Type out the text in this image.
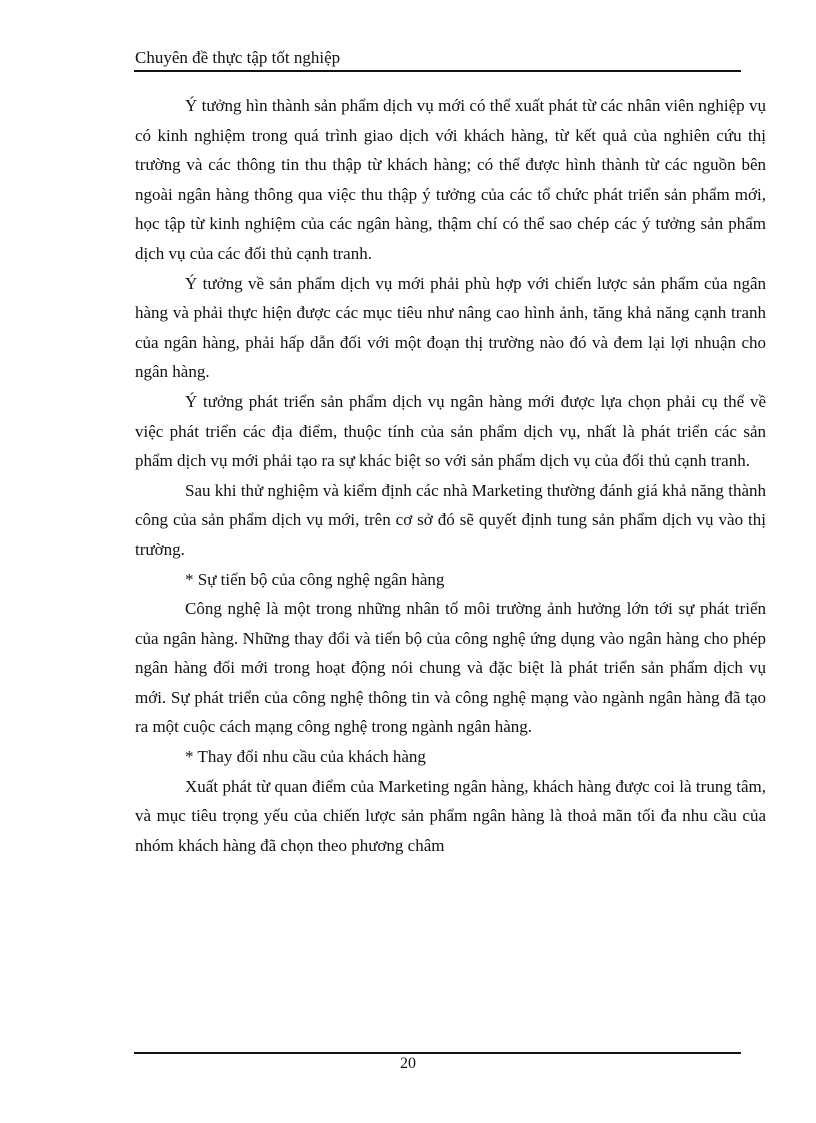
Chuyên đề thực tập tốt nghiệp

Ý tưởng hìn thành sản phẩm dịch vụ mới có thể xuất phát từ các nhân viên nghiệp vụ có kinh nghiệm trong quá trình giao dịch với khách hàng, từ kết quả của nghiên cứu thị trường và các thông tin thu thập từ khách hàng; có thể được hình thành từ các nguồn bên ngoài ngân hàng thông qua việc thu thập ý tưởng của các tổ chức phát triển sản phẩm mới, học tập từ kinh nghiệm của các ngân hàng, thậm chí có thể sao chép các ý tưởng sản phẩm dịch vụ của các đối thủ cạnh tranh.

Ý tưởng về sản phẩm dịch vụ mới phải phù hợp với chiến lược sản phẩm của ngân hàng và phải thực hiện được các mục tiêu như nâng cao hình ảnh, tăng khả năng cạnh tranh của ngân hàng, phải hấp dẫn đối với một đoạn thị trường nào đó và đem lại lợi nhuận cho ngân hàng.

Ý tưởng phát triển sản phẩm dịch vụ ngân hàng mới được lựa chọn phải cụ thể về việc phát triển các địa điểm, thuộc tính của sản phẩm dịch vụ, nhất là phát triển các sản phẩm dịch vụ mới phải tạo ra sự khác biệt so với sản phẩm dịch vụ của đối thủ cạnh tranh.

Sau khi thử nghiệm và kiểm định các nhà Marketing thường đánh giá khả năng thành công của sản phẩm dịch vụ mới, trên cơ sở đó sẽ quyết định tung sản phẩm dịch vụ vào thị trường.

* Sự tiến bộ của công nghệ ngân hàng

Công nghệ là một trong những nhân tố môi trường ảnh hưởng lớn tới sự phát triển của ngân hàng. Những thay đổi và tiến bộ của công nghệ ứng dụng vào ngân hàng cho phép ngân hàng đổi mới trong hoạt động nói chung và đặc biệt là phát triển sản phẩm dịch vụ mới. Sự phát triển của công nghệ thông tin và công nghệ mạng vào ngành ngân hàng đã tạo ra một cuộc cách mạng công nghệ trong ngành ngân hàng.

* Thay đổi nhu cầu của khách hàng

Xuất phát từ quan điểm của Marketing ngân hàng, khách hàng được coi là trung tâm, và mục tiêu trọng yếu của chiến lược sản phẩm ngân hàng là thoả mãn tối đa nhu cầu của nhóm khách hàng đã chọn theo phương châm

20
